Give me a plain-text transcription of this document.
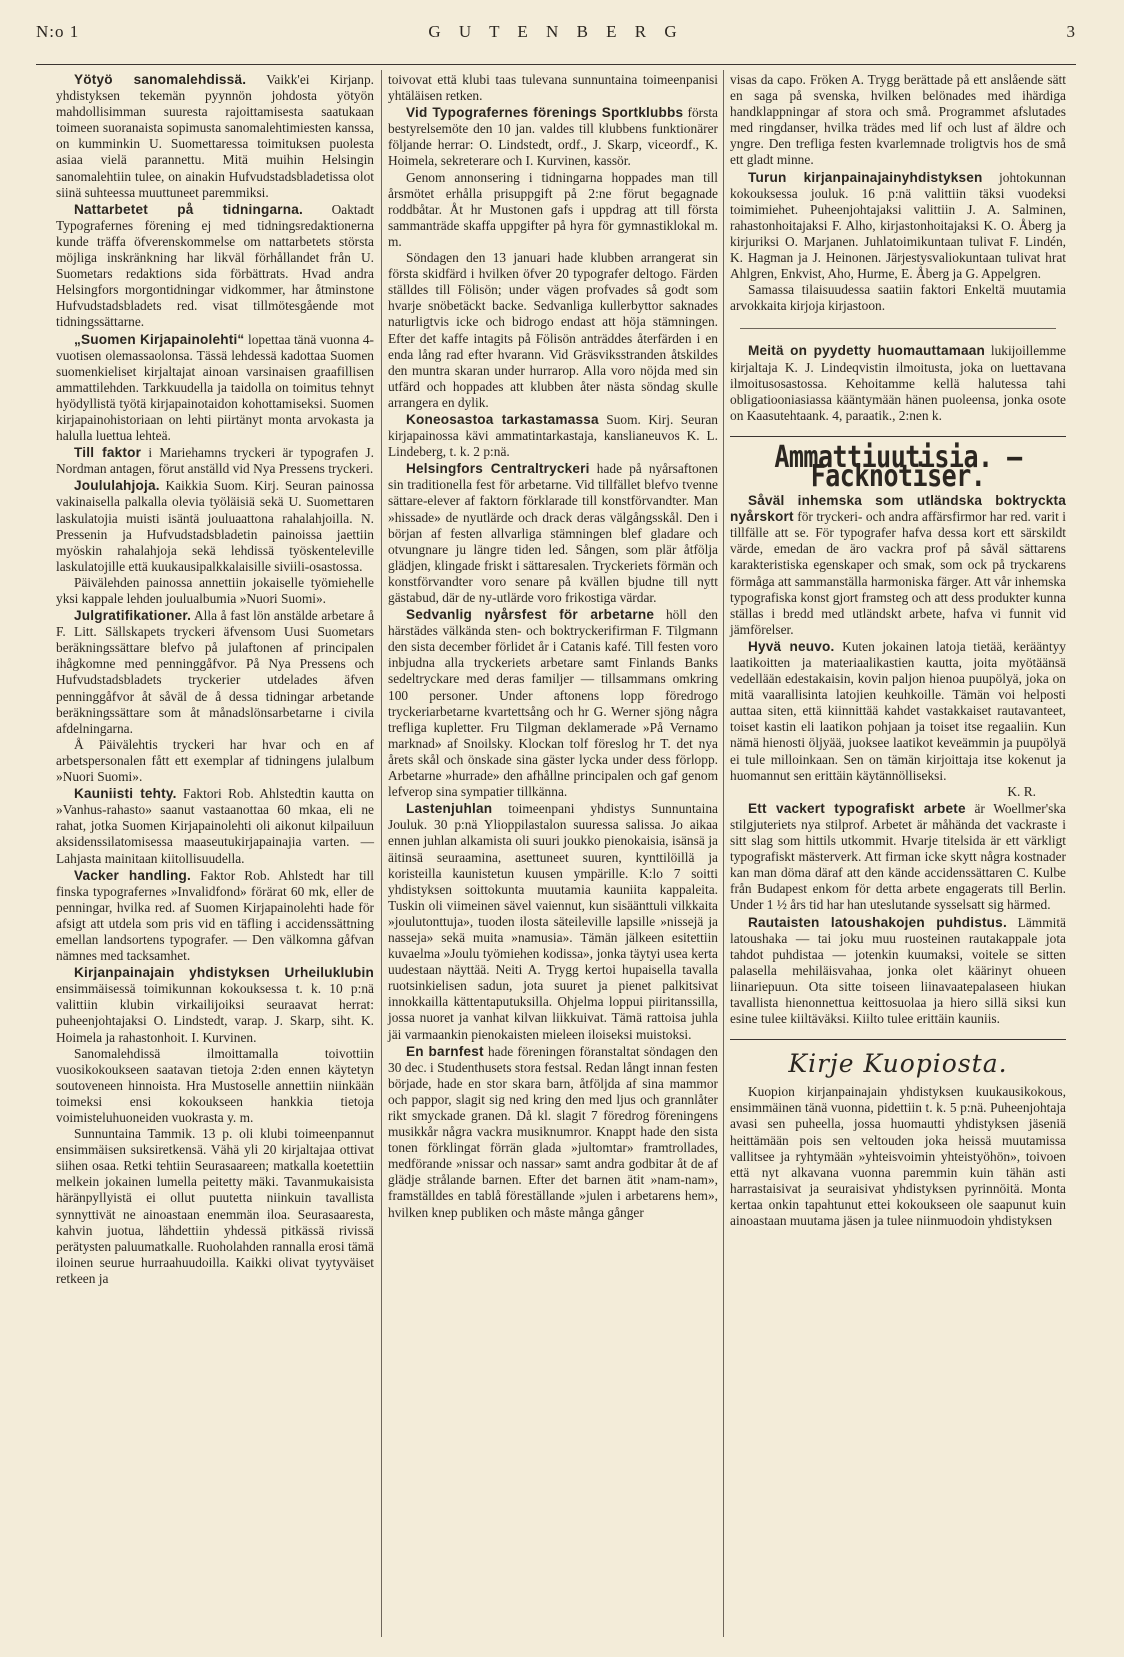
N:o 1	G U T E N B E R G	3

Yötyö sanomalehdissä. Vaikk'ei Kirjanp. yhdistyksen tekemän pyynnön johdosta yötyön mahdollisimman suuresta rajoittamisesta saatukaan toimeen suoranaista sopimusta sanomalehtimiesten kanssa, on kumminkin U. Suomettaressa toimituksen puolesta asiaa vielä parannettu. Mitä muihin Helsingin sanomalehtiin tulee, on ainakin Hufvudstadsbladetissa olot siinä suhteessa muuttuneet paremmiksi.

Nattarbetet på tidningarna. Oaktadt Typografernes förening ej med tidningsredaktionerna kunde träffa öfverenskommelse om nattarbetets största möjliga inskränkning har likväl förhållandet från U. Suometars redaktions sida förbättrats. Hvad andra Helsingfors morgontidningar vidkommer, har åtminstone Hufvudstadsbladets red. visat tillmötesgående mot tidningssättarne.

„Suomen Kirjapainolehti“ lopettaa tänä vuonna 4-vuotisen olemassaolonsa. Tässä lehdessä kadottaa Suomen suomenkieliset kirjaltajat ainoan varsinaisen graafillisen ammattilehden. Tarkkuudella ja taidolla on toimitus tehnyt hyödyllistä työtä kirjapainotaidon kohottamiseksi. Suomen kirjapainohistoriaan on lehti piirtänyt monta arvokasta ja halulla luettua lehteä.

Till faktor i Mariehamns tryckeri är typografen J. Nordman antagen, förut anställd vid Nya Pressens tryckeri.

Joululahjoja. Kaikkia Suom. Kirj. Seuran painossa vakinaisella palkalla olevia työläisiä sekä U. Suomettaren laskulatojia muisti isäntä jouluaattona rahalahjoilla. N. Pressenin ja Hufvudstadsbladetin painoissa jaettiin myöskin rahalahjoja sekä lehdissä työskenteleville laskulatojille että kuukausipalkkalaisille siviili-osastossa.

Päivälehden painossa annettiin jokaiselle työmiehelle yksi kappale lehden joulualbumia »Nuori Suomi».

Julgratifikationer. Alla å fast lön anstälde arbetare å F. Litt. Sällskapets tryckeri äfvensom Uusi Suometars beräkningssättare blefvo på julaftonen af principalen ihågkomne med penninggåfvor. På Nya Pressens och Hufvudstadsbladets tryckerier utdelades äfven penninggåfvor åt såväl de å dessa tidningar arbetande beräkningssättare som åt månadslönsarbetarne i civila afdelningarna.

Å Päivälehtis tryckeri har hvar och en af arbetspersonalen fått ett exemplar af tidningens julalbum »Nuori Suomi».

Kauniisti tehty. Faktori Rob. Ahlstedtin kautta on »Vanhus-rahasto» saanut vastaanottaa 60 mkaa, eli ne rahat, jotka Suomen Kirjapainolehti oli aikonut kilpailuun aksidenssilatomisessa maaseutukirjapainajia varten. — Lahjasta mainitaan kiitollisuudella.

Vacker handling. Faktor Rob. Ahlstedt har till finska typografernes »Invalidfond» förärat 60 mk, eller de penningar, hvilka red. af Suomen Kirjapainolehti hade för afsigt att utdela som pris vid en täfling i accidenssättning emellan landsortens typografer. — Den välkomna gåfvan nämnes med tacksamhet.

Kirjanpainajain yhdistyksen Urheiluklubin ensimmäisessä toimikunnan kokouksessa t. k. 10 p:nä valittiin klubin virkailijoiksi seuraavat herrat: puheenjohtajaksi O. Lindstedt, varap. J. Skarp, siht. K. Hoimela ja rahastonhoit. I. Kurvinen.

Sanomalehdissä ilmoittamalla toivottiin vuosikokoukseen saatavan tietoja 2:den ennen käytetyn soutoveneen hinnoista. Hra Mustoselle annettiin niinkään toimeksi ensi kokoukseen hankkia tietoja voimisteluhuoneiden vuokrasta y. m.

Sunnuntaina Tammik. 13 p. oli klubi toimeenpannut ensimmäisen suksiretkensä. Vähä yli 20 kirjaltajaa ottivat siihen osaa. Retki tehtiin Seurasaareen; matkalla koetettiin melkein jokainen lumella peitetty mäki. Tavanmukaisista häränpyllyistä ei ollut puutetta niinkuin tavallista synnyttivät ne ainoastaan enemmän iloa. Seurasaaresta, kahvin juotua, lähdettiin yhdessä pitkässä rivissä perätysten paluumatkalle. Ruoholahden rannalla erosi tämä iloinen seurue hurraahuudoilla. Kaikki olivat tyytyväiset retkeen ja

toivovat että klubi taas tulevana sunnuntaina toimeenpanisi yhtäläisen retken.

Vid Typografernes förenings Sportklubbs första bestyrelsemöte den 10 jan. valdes till klubbens funktionärer följande herrar: O. Lindstedt, ordf., J. Skarp, viceordf., K. Hoimela, sekreterare och I. Kurvinen, kassör.

Genom annonsering i tidningarna hoppades man till årsmötet erhålla prisuppgift på 2:ne förut begagnade roddbåtar. Åt hr Mustonen gafs i uppdrag att till första sammanträde skaffa uppgifter på hyra för gymnastiklokal m. m.

Söndagen den 13 januari hade klubben arrangerat sin första skidfärd i hvilken öfver 20 typografer deltogo. Färden ställdes till Fölisön; under vägen profvades så godt som hvarje snöbetäckt backe. Sedvanliga kullerbyttor saknades naturligtvis icke och bidrogo endast att höja stämningen. Efter det kaffe intagits på Fölisön anträddes återfärden i en enda lång rad efter hvarann. Vid Gräsviksstranden åtskildes den muntra skaran under hurrarop. Alla voro nöjda med sin utfärd och hoppades att klubben åter nästa söndag skulle arrangera en dylik.

Koneosastoa tarkastamassa Suom. Kirj. Seuran kirjapainossa kävi ammatintarkastaja, kanslianeuvos K. L. Lindeberg, t. k. 2 p:nä.

Helsingfors Centraltryckeri hade på nyårsaftonen sin traditionella fest för arbetarne. Vid tillfället blefvo tvenne sättare-elever af faktorn förklarade till konstförvandter. Man »hissade» de nyutlärde och drack deras välgångsskål. Den i början af festen allvarliga stämningen blef gladare och otvungnare ju längre tiden led. Sången, som plär åtfölja glädjen, klingade friskt i sättaresalen. Tryckeriets förmän och konstförvandter voro senare på kvällen bjudne till nytt gästabud, där de ny-utlärde voro frikostiga värdar.

Sedvanlig nyårsfest för arbetarne höll den härstädes välkända sten- och boktryckerifirman F. Tilgmann den sista december förlidet år i Catanis kafé. Till festen voro inbjudna alla tryckeriets arbetare samt Finlands Banks sedeltryckare med deras familjer — tillsammans omkring 100 personer. Under aftonens lopp föredrogo tryckeriarbetarne kvartettsång och hr G. Werner sjöng några trefliga kupletter. Fru Tilgman deklamerade »På Vernamo marknad» af Snoilsky. Klockan tolf föreslog hr T. det nya årets skål och önskade sina gäster lycka under dess förlopp. Arbetarne »hurrade» den afhållne principalen och gaf genom lefverop sina sympatier tillkänna.

Lastenjuhlan toimeenpani yhdistys Sunnuntaina Jouluk. 30 p:nä Ylioppilastalon suuressa salissa. Jo aikaa ennen juhlan alkamista oli suuri joukko pienokaisia, isänsä ja äitinsä seuraamina, asettuneet suuren, kynttilöillä ja koristeilla kaunistetun kuusen ympärille. K:lo 7 soitti yhdistyksen soittokunta muutamia kauniita kappaleita. Tuskin oli viimeinen sävel vaiennut, kun sisäänttuli vilkkaita »joulutonttuja», tuoden ilosta säteileville lapsille »nissejä ja nasseja» sekä muita »namusia». Tämän jälkeen esitettiin kuvaelma »Joulu työmiehen kodissa», jonka täytyi usea kerta uudestaan näyttää. Neiti A. Trygg kertoi hupaisella tavalla ruotsinkielisen sadun, jota suuret ja pienet palkitsivat innokkailla kättentaputuksilla. Ohjelma loppui piiritanssilla, jossa nuoret ja vanhat kilvan liikkuivat. Tämä rattoisa juhla jäi varmaankin pienokaisten mieleen iloiseksi muistoksi.

En barnfest hade föreningen föranstaltat söndagen den 30 dec. i Studenthusets stora festsal. Redan långt innan festen började, hade en stor skara barn, åtföljda af sina mammor och pappor, slagit sig ned kring den med ljus och grannlåter rikt smyckade granen. Då kl. slagit 7 föredrog föreningens musikkår några vackra musiknumror. Knappt hade den sista tonen förklingat förrän glada »jultomtar» framtrollades, medförande »nissar och nassar» samt andra godbitar åt de af glädje strålande barnen. Efter det barnen ätit »nam-nam», framställdes en tablå föreställande »julen i arbetarens hem», hvilken knep publiken och måste många gånger

visas da capo. Fröken A. Trygg berättade på ett anslående sätt en saga på svenska, hvilken belönades med ihärdiga handklappningar af stora och små. Programmet afslutades med ringdanser, hvilka trädes med lif och lust af äldre och yngre. Den trefliga festen kvarlemnade troligtvis hos de små ett gladt minne.

Turun kirjanpainajainyhdistyksen johtokunnan kokouksessa jouluk. 16 p:nä valittiin täksi vuodeksi toimimiehet. Puheenjohtajaksi valittiin J. A. Salminen, rahastonhoitajaksi F. Alho, kirjastonhoitajaksi K. O. Åberg ja kirjuriksi O. Marjanen. Juhlatoimikuntaan tulivat F. Lindén, K. Hagman ja J. Heinonen. Järjestysvaliokuntaan tulivat hrat Ahlgren, Enkvist, Aho, Hurme, E. Åberg ja G. Appelgren.

Samassa tilaisuudessa saatiin faktori Enkeltä muutamia arvokkaita kirjoja kirjastoon.

Meitä on pyydetty huomauttamaan lukijoillemme kirjaltaja K. J. Lindeqvistin ilmoitusta, joka on luettavana ilmoitusosastossa. Kehoitamme kellä halutessa tahi obligatiooniasiassa kääntymään hänen puoleensa, jonka osote on Kaasutehtaank. 4, paraatik., 2:nen k.

Ammattiuutisia. — Facknotiser.

Såväl inhemska som utländska boktryckta nyårskort för tryckeri- och andra affärsfirmor har red. varit i tillfälle att se. För typografer hafva dessa kort ett särskildt värde, emedan de äro vackra prof på såväl sättarens karakteristiska egenskaper och smak, som ock på tryckarens förmåga att sammanställa harmoniska färger. Att vår inhemska typografiska konst gjort framsteg och att dess produkter kunna ställas i bredd med utländskt arbete, hafva vi funnit vid jämförelser.

Hyvä neuvo. Kuten jokainen latoja tietää, kerääntyy laatikoitten ja materiaalikastien kautta, joita myötäänsä vedellään edestakaisin, kovin paljon hienoa puupölyä, joka on mitä vaarallisinta latojien keuhkoille. Tämän voi helposti auttaa siten, että kiinnittää kahdet vastakkaiset rautavanteet, toiset kastin eli laatikon pohjaan ja toiset itse regaaliin. Kun nämä hienosti öljyää, juoksee laatikot keveämmin ja puupölyä ei tule milloinkaan. Sen on tämän kirjoittaja itse kokenut ja huomannut sen erittäin käytännölliseksi.

K. R.

Ett vackert typografiskt arbete är Woellmer'ska stilgjuteriets nya stilprof. Arbetet är måhända det vackraste i sitt slag som hittils utkommit. Hvarje titelsida är ett värkligt typografiskt mästerverk. Att firman icke skytt några kostnader kan man döma däraf att den kände accidenssättaren C. Kulbe från Budapest enkom för detta arbete engagerats till Berlin. Under 1 ½ års tid har han uteslutande sysselsatt sig härmed.

Rautaisten latoushakojen puhdistus. Lämmitä latoushaka — tai joku muu ruosteinen rautakappale jota tahdot puhdistaa — jotenkin kuumaksi, voitele se sitten palasella mehiläisvahaa, jonka olet käärinyt ohueen liinariepuun. Ota sitte toiseen liinavaatepalaseen hiukan tavallista hienonnettua keittosuolaa ja hiero sillä siksi kun esine tulee kiiltäväksi. Kiilto tulee erittäin kauniis.

Kirje Kuopiosta.

Kuopion kirjanpainajain yhdistyksen kuukausikokous, ensimmäinen tänä vuonna, pidettiin t. k. 5 p:nä. Puheenjohtaja avasi sen puheella, jossa huomautti yhdistyksen jäseniä heittämään pois sen veltouden joka heissä muutamissa vallitsee ja ryhtymään »yhteisvoimin yhteistyöhön», toivoen että nyt alkavana vuonna paremmin kuin tähän asti harrastaisivat ja seuraisivat yhdistyksen pyrinnöitä. Monta kertaa onkin tapahtunut ettei kokoukseen ole saapunut kuin ainoastaan muutama jäsen ja tulee niinmuodoin yhdistyksen
